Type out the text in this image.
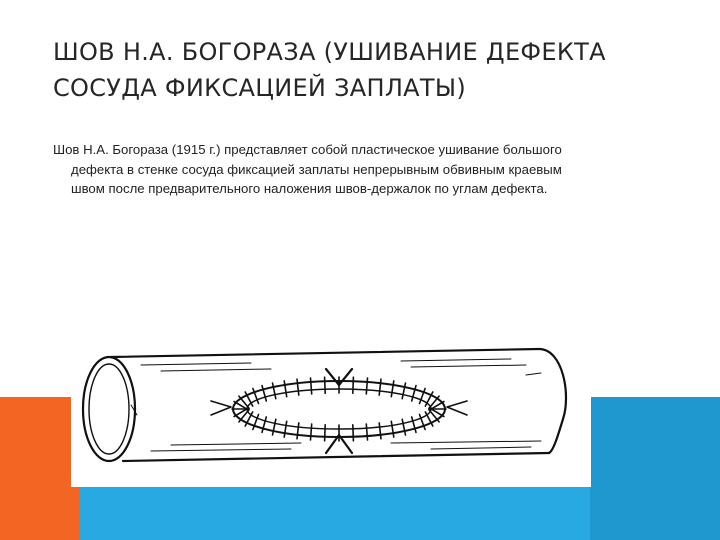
ШОВ Н.А. БОГОРАЗА (УШИВАНИЕ ДЕФЕКТА СОСУДА ФИКСАЦИЕЙ ЗАПЛАТЫ)

Шов Н.А. Богораза (1915 г.) представляет собой пластическое ушивание большого дефекта в стенке сосуда фиксацией заплаты непрерывным обвивным краевым швом после предварительного наложения швов-держалок по углам дефекта.
